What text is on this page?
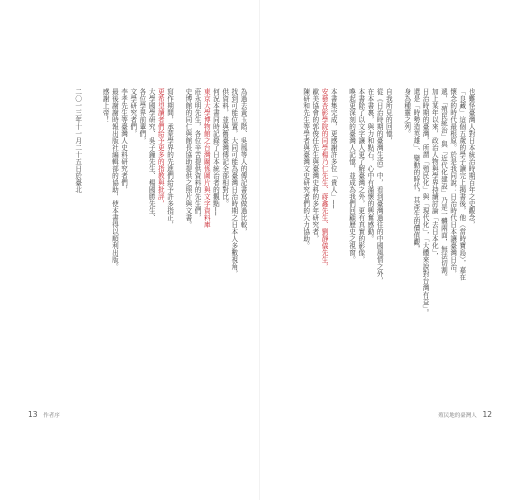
為過去黃玉階、吳鳳等人的傳記書寫做過比較，
找到可能位置，大同可能為臺灣日治時期之日本人多數視角，
供資料，並與舊臺灣傳記全部相對比。
何況本書同時記錄了日本統治者的觀點──
東京大學博物館之台灣關係圖片與文字資料庫
莊永明先生，各位辛苦提供資料的先生們，
史博館的同仁與館長協助提供之照片與文書。
寫作期間，承蒙學界的先進們給予許多指正，
更希望讀者們給予更多的指教與批評，
大學國學研究、吳子鐘先生、楊國勝先生、
各位學界前輩們，
文學研究者們，
李孝先生等臺灣人史料研究者們，
最後謝謝時報出版社編輯部的協助，使本書得以順利出版。
感謝上帝！
二〇一三年十一月二十五日於臺北	也難怪臺灣人對日本統治時期百年之史觀念，
「良藏」這個五歲的學子讀完上揭書後，他（當時寶島），嘉在
懷念的時代最根原。於是我同說：日治時代日本讓臺灣日治，
遞，「殖民統治」與「近代化建設」乃是一體兩面，無法切割。
加上某年以來，政治人物與學界持續討論「去日本化」，
日治時期的臺灣，所謂「殖民化」與「現代化」，「大體來說對台灣有益」。
還是「時勢造英雄」、變動的時代，其產生的價值觀，
身為種靈之列。
自我所見的回憶，
從《日治時期的臺灣生活》中，看到臺灣過往的中國風情之外，
在本書裏，與力和點石，心中有滿懷的興奮感動。
本書除了以文字讓人更了解臺灣之外，更有真實的影像，
喚起更深刻的臺灣人記憶，並成為我們回顧歷史之視窗。
本書集完成，更感謝許多位「貴人」──
安藝杏影學院的同學楊乃仁先生、蔣鑫先生、劉靜儀先生，
歐美協會的郭俊任先生與臺灣史料的多年研究者，
陳研和先生等學者與臺灣文史研究者們的大力協助。
13 作者序	殖民地的臺灣人 12
